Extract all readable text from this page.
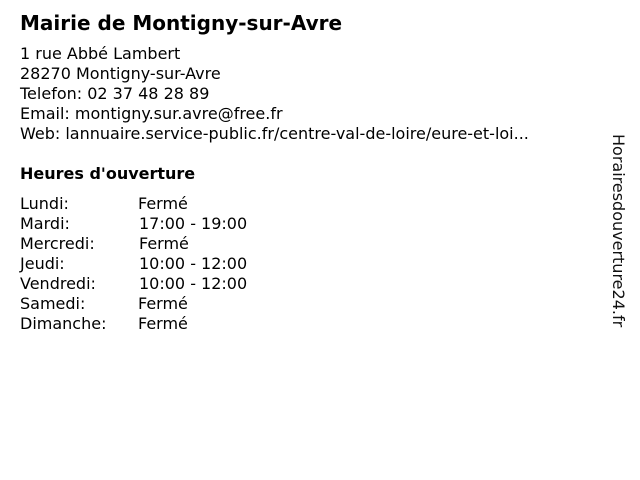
Mairie de Montigny-sur-Avre
1 rue Abbé Lambert
28270 Montigny-sur-Avre
Telefon: 02 37 48 28 89
Email: montigny.sur.avre@free.fr
Web: lannuaire.service-public.fr/centre-val-de-loire/eure-et-loi...
Heures d'ouverture
Lundi:	Fermé
Mardi:	17:00 - 19:00
Mercredi:	Fermé
Jeudi:	10:00 - 12:00
Vendredi:	10:00 - 12:00
Samedi:	Fermé
Dimanche: Fermé	Horairesdouverture24.fr
